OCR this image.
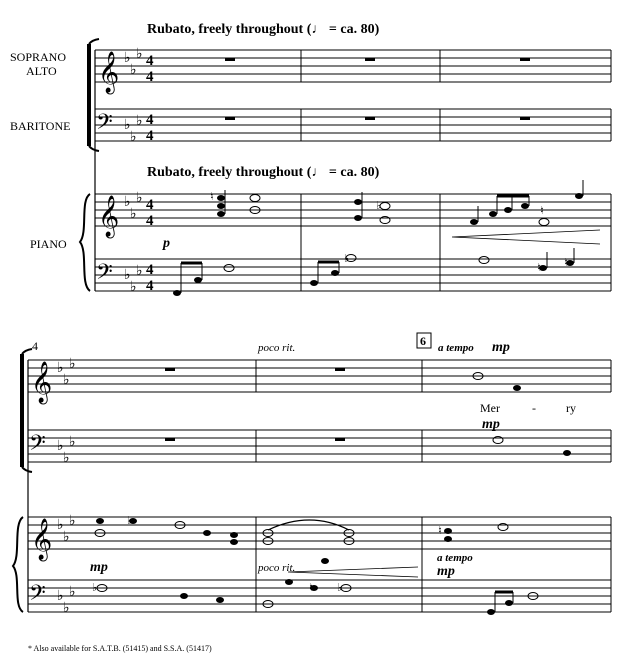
𝄞
𝄢
𝄞
𝄢
𝄞
𝄢
𝄞
𝄢
♭
♭
♭
♭
♭
♭
♭
♭
♭
♭
♭
♭
♭
♭
♭
♭
♭
♭
♭
♭
♭
♭
♭
♭
♮
♭	♮
♭
♮ ♮
♭
♮ ♭
♭
♮
4
4
4
4
4
4
4
4
Rubato, freely throughout (♩ = ca. 80)
Rubato, freely throughout (♩ = ca. 80)
SOPRANO
ALTO
BARITONE
PIANO	p
4	6
poco rit.	a tempo mp
Mer	-	ry
mp
mp	poco rit.
a tempo
mp
* Also available for S.A.T.B. (51415) and S.S.A. (51417)
